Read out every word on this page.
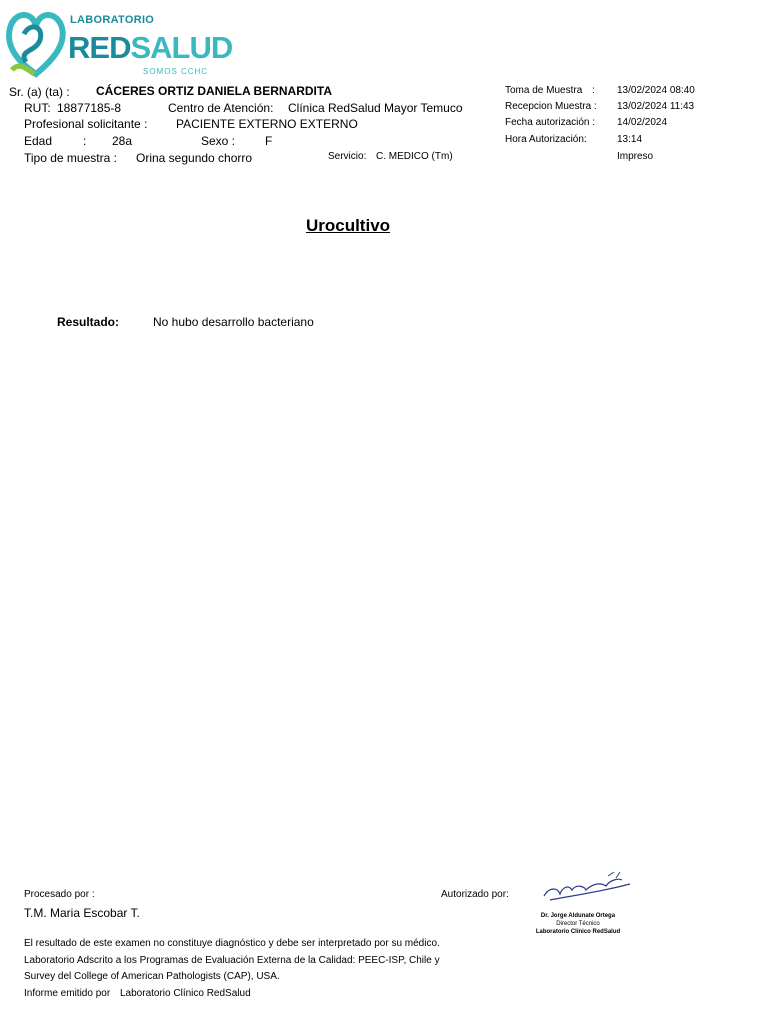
LABORATORIO
REDSALUD
SOMOS CCHC
Sr. (a) (ta) : CÁCERES ORTIZ DANIELA BERNARDITA
RUT: 18877185-8	Centro de Atención: Clínica RedSalud Mayor Temuco
Profesional solicitante : PACIENTE EXTERNO EXTERNO
Edad	: 28a	Sexo : F
Tipo de muestra : Orina segundo chorro	Servicio: C. MEDICO (Tm)
Toma de Muestra : 13/02/2024 08:40
Recepcion Muestra : 13/02/2024 11:43
Fecha autorización : 14/02/2024
Hora Autorización:	13:14
Impreso
Urocultivo
Resultado:	No hubo desarrollo bacteriano
Procesado por :
T.M. Maria Escobar T.
Autorizado por:
Dr. Jorge Aldunate Ortega
Director Técnico
Laboratorio Clínico RedSalud
El resultado de este examen no constituye diagnóstico y debe ser interpretado por su médico.
Laboratorio Adscrito a los Programas de Evaluación Externa de la Calidad: PEEC-ISP, Chile y
Survey del College of American Pathologists (CAP), USA.
Informe emitido por Laboratorio Clínico RedSalud
